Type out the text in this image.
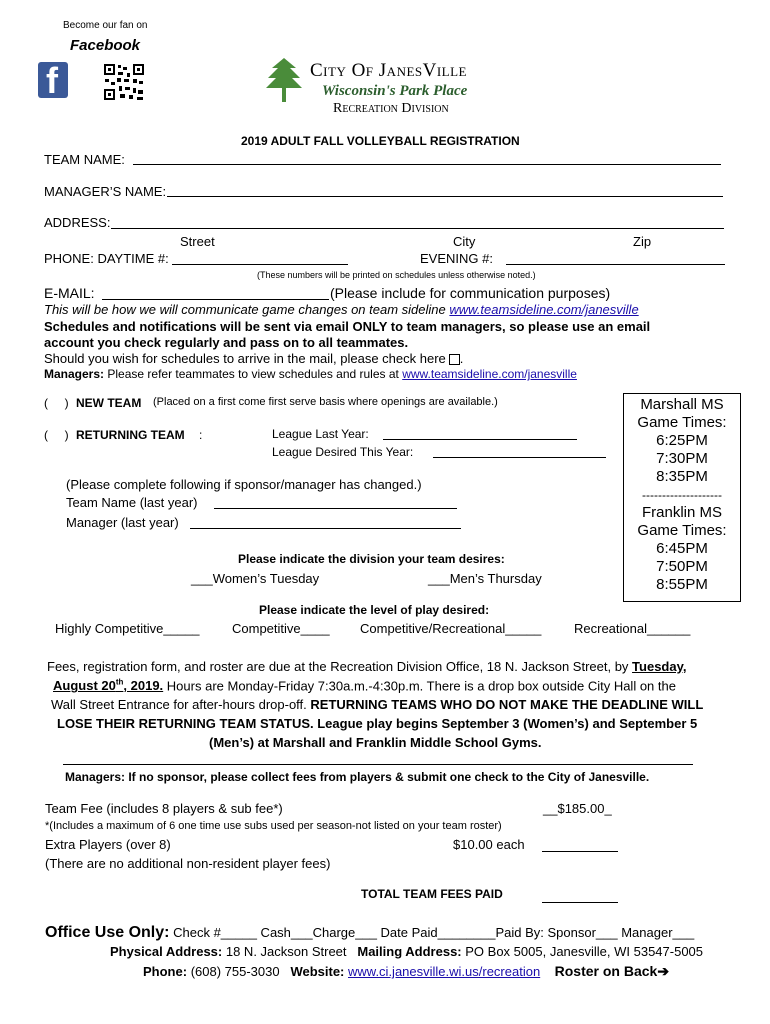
Become our fan on
Facebook
f	City Of JanesVille
Wisconsin's Park Place
Recreation Division
2019 ADULT FALL VOLLEYBALL REGISTRATION
TEAM NAME:
MANAGER’S NAME:
ADDRESS:
Street	City	Zip
PHONE: DAYTIME #:	EVENING #:
(These numbers will be printed on schedules unless otherwise noted.)
E-MAIL:	(Please include for communication purposes)
This will be how we will communicate game changes on team sideline www.teamsideline.com/janesville
Schedules and notifications will be sent via email ONLY to team managers, so please use an email
account you check regularly and pass on to all teammates.
Should you wish for schedules to arrive in the mail, please check here .
Managers: Please refer teammates to view schedules and rules at www.teamsideline.com/janesville
(     ) NEW TEAM (Placed on a first come first serve basis where openings are available.)
(     ) RETURNING TEAM :	League Last Year:
League Desired This Year:
(Please complete following if sponsor/manager has changed.)
Team Name (last year)
Manager (last year)
Marshall MS
Game Times:
6:25PM
7:30PM
8:35PM
--------------------
Franklin MS
Game Times:
6:45PM
7:50PM
8:55PM
Please indicate the division your team desires:
___Women’s Tuesday	___Men’s Thursday
Please indicate the level of play desired:
Highly Competitive_____ Competitive____ Competitive/Recreational_____	Recreational______
Fees, registration form, and roster are due at the Recreation Division Office, 18 N. Jackson Street, by Tuesday,
August 20th, 2019. Hours are Monday-Friday 7:30a.m.-4:30p.m. There is a drop box outside City Hall on the
Wall Street Entrance for after-hours drop-off. RETURNING TEAMS WHO DO NOT MAKE THE DEADLINE WILL
LOSE THEIR RETURNING TEAM STATUS. League play begins September 3 (Women’s) and September 5
(Men’s) at Marshall and Franklin Middle School Gyms.
Managers: If no sponsor, please collect fees from players & submit one check to the City of Janesville.
Team Fee (includes 8 players & sub fee*)	__$185.00_
*(Includes a maximum of 6 one time use subs used per season-not listed on your team roster)
Extra Players (over 8)	$10.00 each
(There are no additional non-resident player fees)
TOTAL TEAM FEES PAID
Office Use Only: Check #_____ Cash___Charge___ Date Paid________Paid By: Sponsor___ Manager___
Physical Address: 18 N. Jackson Street Mailing Address: PO Box 5005, Janesville, WI 53547-5005
Phone: (608) 755-3030 Website: www.ci.janesville.wi.us/recreation Roster on Back➔
